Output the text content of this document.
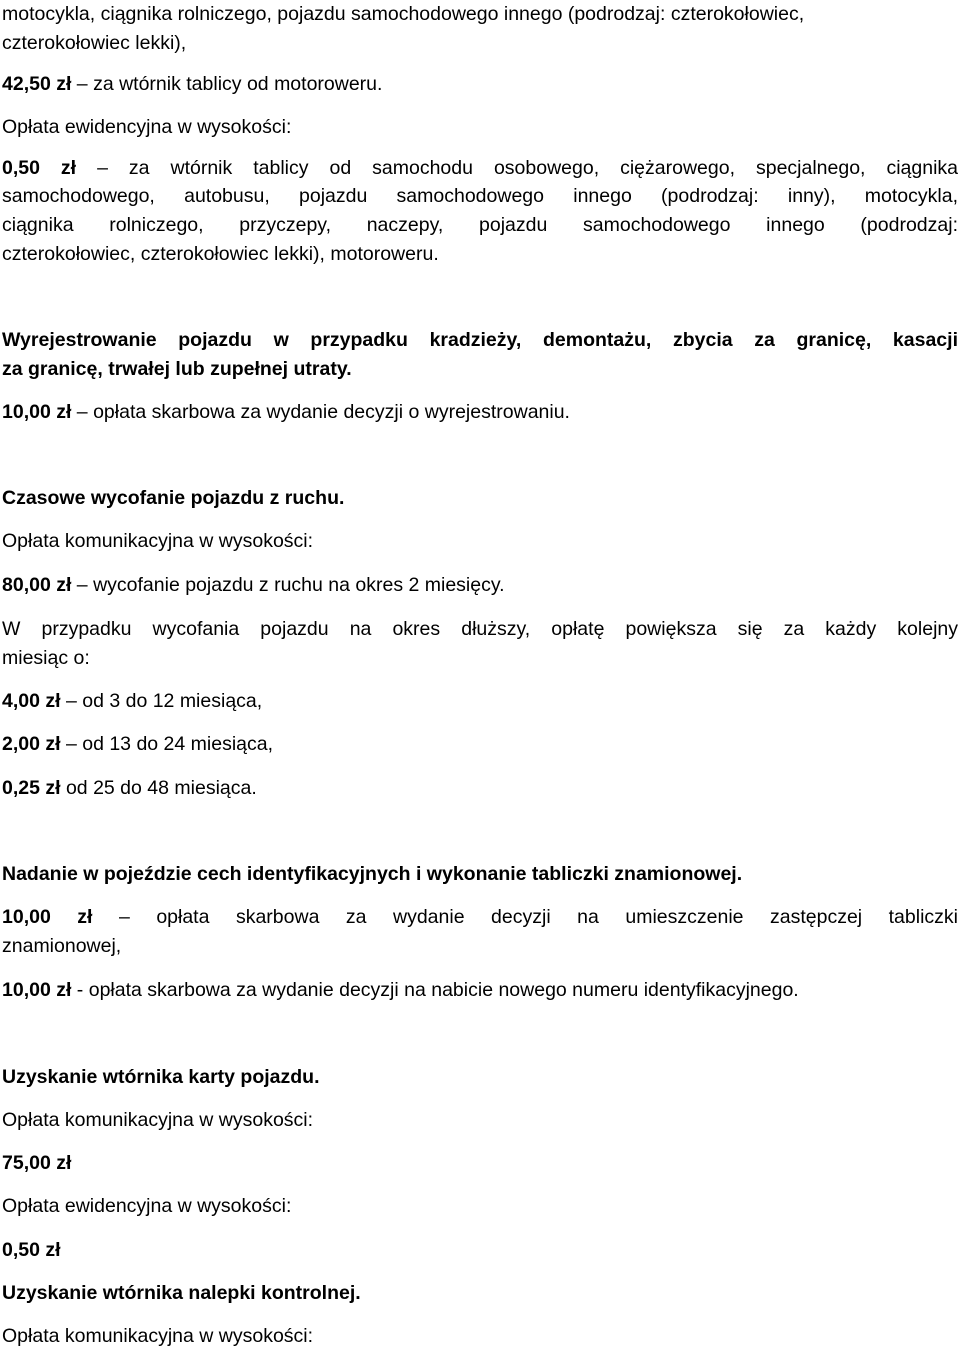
motocykla, ciągnika rolniczego, pojazdu samochodowego innego (podrodzaj: czterokołowiec,
czterokołowiec lekki),
42,50 zł – za wtórnik tablicy od motoroweru.
Opłata ewidencyjna w wysokości:
0,50 zł – za wtórnik tablicy od samochodu osobowego, ciężarowego, specjalnego, ciągnika
samochodowego, autobusu, pojazdu samochodowego innego (podrodzaj: inny), motocykla,
ciągnika rolniczego, przyczepy, naczepy, pojazdu samochodowego innego (podrodzaj:
czterokołowiec, czterokołowiec lekki), motoroweru.
Wyrejestrowanie pojazdu w przypadku kradzieży, demontażu, zbycia za granicę, kasacji
za granicę, trwałej lub zupełnej utraty.
10,00 zł – opłata skarbowa za wydanie decyzji o wyrejestrowaniu.
Czasowe wycofanie pojazdu z ruchu.
Opłata komunikacyjna w wysokości:
80,00 zł – wycofanie pojazdu z ruchu na okres 2 miesięcy.
W przypadku wycofania pojazdu na okres dłuższy, opłatę powiększa się za każdy kolejny
miesiąc o:
4,00 zł – od 3 do 12 miesiąca,
2,00 zł – od 13 do 24 miesiąca,
0,25 zł od 25 do 48 miesiąca.
Nadanie w pojeździe cech identyfikacyjnych i wykonanie tabliczki znamionowej.
10,00 zł – opłata skarbowa za wydanie decyzji na umieszczenie zastępczej tabliczki
znamionowej,
10,00 zł - opłata skarbowa za wydanie decyzji na nabicie nowego numeru identyfikacyjnego.
Uzyskanie wtórnika karty pojazdu.
Opłata komunikacyjna w wysokości:
75,00 zł
Opłata ewidencyjna w wysokości:
0,50 zł
Uzyskanie wtórnika nalepki kontrolnej.
Opłata komunikacyjna w wysokości:
